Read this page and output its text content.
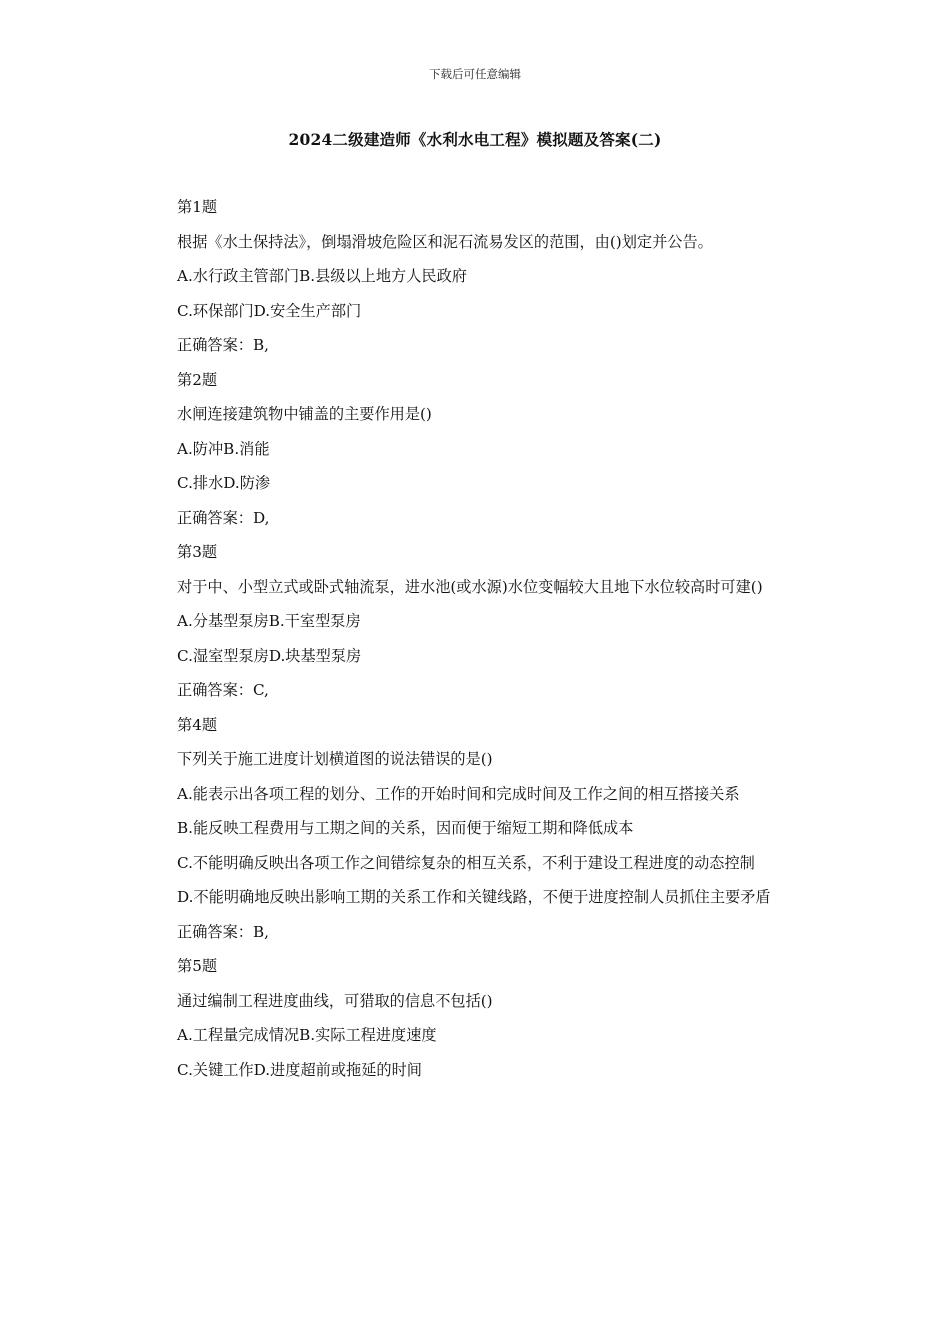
下载后可任意编辑
2024二级建造师《水利水电工程》模拟题及答案(二)

第1题

根据《水土保持法》，倒塌滑坡危险区和泥石流易发区的范围，由()划定并公告。

A.水行政主管部门B.县级以上地方人民政府

C.环保部门D.安全生产部门

正确答案：B,

第2题

水闸连接建筑物中铺盖的主要作用是()

A.防冲B.消能

C.排水D.防渗

正确答案：D,

第3题

对于中、小型立式或卧式轴流泵，进水池(或水源)水位变幅较大且地下水位较高时可建()

A.分基型泵房B.干室型泵房

C.湿室型泵房D.块基型泵房

正确答案：C,

第4题

下列关于施工进度计划横道图的说法错误的是()

A.能表示出各项工程的划分、工作的开始时间和完成时间及工作之间的相互搭接关系

B.能反映工程费用与工期之间的关系，因而便于缩短工期和降低成本

C.不能明确反映出各项工作之间错综复杂的相互关系，不利于建设工程进度的动态控制

D.不能明确地反映出影响工期的关系工作和关键线路，不便于进度控制人员抓住主要矛盾

正确答案：B,

第5题

通过编制工程进度曲线，可猎取的信息不包括()

A.工程量完成情况B.实际工程进度速度

C.关键工作D.进度超前或拖延的时间
